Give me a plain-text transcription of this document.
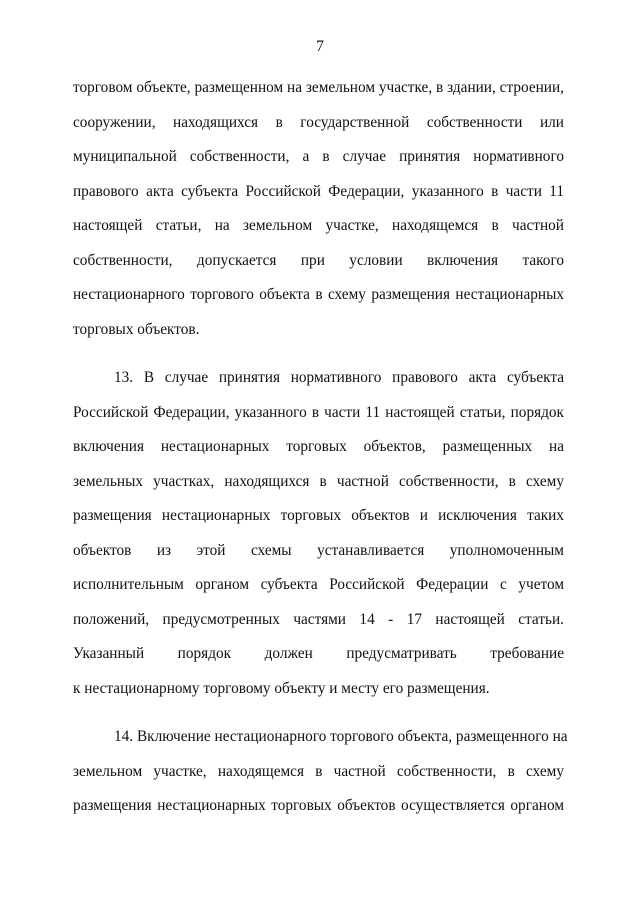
7
торговом объекте, размещенном на земельном участке, в здании, строении,
сооружении, находящихся в государственной собственности или
муниципальной собственности, а в случае принятия нормативного
правового акта субъекта Российской Федерации, указанного в части 11
настоящей статьи, на земельном участке, находящемся в частной
собственности, допускается при условии включения такого
нестационарного торгового объекта в схему размещения нестационарных
торговых объектов.
13. В случае принятия нормативного правового акта субъекта
Российской Федерации, указанного в части 11 настоящей статьи, порядок
включения нестационарных торговых объектов, размещенных на
земельных участках, находящихся в частной собственности, в схему
размещения нестационарных торговых объектов и исключения таких
объектов из этой схемы устанавливается уполномоченным
исполнительным органом субъекта Российской Федерации с учетом
положений, предусмотренных частями 14 - 17 настоящей статьи.
Указанный порядок должен предусматривать требование
к нестационарному торговому объекту и месту его размещения.
14. Включение нестационарного торгового объекта, размещенного на
земельном участке, находящемся в частной собственности, в схему
размещения нестационарных торговых объектов осуществляется органом
